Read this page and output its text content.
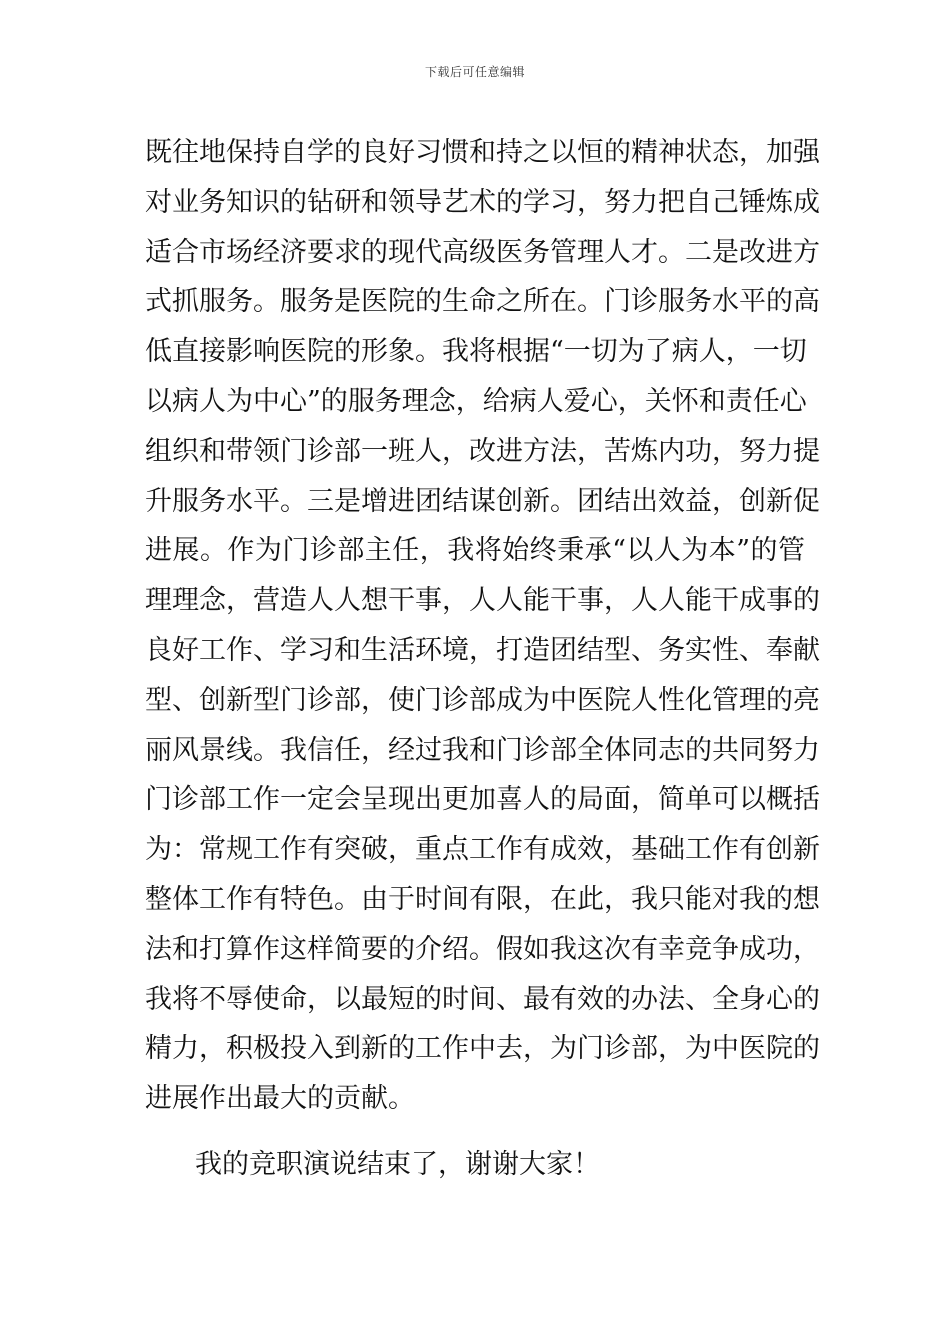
下载后可任意编辑
既往地保持自学的良好习惯和持之以恒的精神状态，加强
对业务知识的钻研和领导艺术的学习，努力把自己锤炼成
适合市场经济要求的现代高级医务管理人才。二是改进方
式抓服务。服务是医院的生命之所在。门诊服务水平的高
低直接影响医院的形象。我将根据“一切为了病人，一切
以病人为中心”的服务理念，给病人爱心，关怀和责任心
组织和带领门诊部一班人，改进方法，苦炼内功，努力提
升服务水平。三是增进团结谋创新。团结出效益，创新促
进展。作为门诊部主任，我将始终秉承“以人为本”的管
理理念，营造人人想干事，人人能干事，人人能干成事的
良好工作、学习和生活环境，打造团结型、务实性、奉献
型、创新型门诊部，使门诊部成为中医院人性化管理的亮
丽风景线。我信任，经过我和门诊部全体同志的共同努力
门诊部工作一定会呈现出更加喜人的局面，简单可以概括
为：常规工作有突破，重点工作有成效，基础工作有创新
整体工作有特色。由于时间有限，在此，我只能对我的想
法和打算作这样简要的介绍。假如我这次有幸竞争成功，
我将不辱使命，以最短的时间、最有效的办法、全身心的
精力，积极投入到新的工作中去，为门诊部，为中医院的
进展作出最大的贡献。
我的竞职演说结束了，谢谢大家！
